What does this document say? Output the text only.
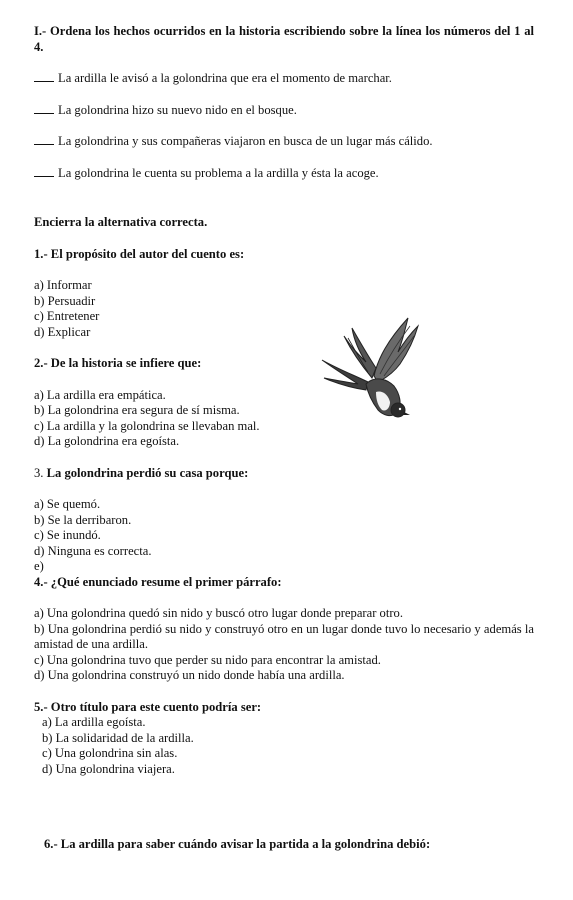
I.- Ordena los hechos ocurridos en la historia escribiendo sobre la línea los números del 1 al 4.

La ardilla le avisó a la golondrina que era el momento de marchar.
La golondrina hizo su nuevo nido en el bosque.
La golondrina y sus compañeras viajaron en busca de un lugar más cálido.
La golondrina le cuenta su problema a la ardilla y ésta la acoge.

Encierra la alternativa correcta.

1.- El propósito del autor del cuento es:

a) Informar

b) Persuadir

c) Entretener

d) Explicar

2.- De la historia se infiere que:

a) La ardilla era empática.

b) La golondrina era segura de sí misma.

c) La ardilla y la golondrina se llevaban mal.

d) La golondrina era egoísta.

3. La golondrina perdió su casa porque:

a) Se quemó.

b) Se la derribaron.

c) Se inundó.

d) Ninguna es correcta.

e)

4.- ¿Qué enunciado resume el primer párrafo:

a) Una golondrina quedó sin nido y buscó otro lugar donde preparar otro.

b) Una golondrina perdió su nido y construyó otro en un lugar donde tuvo lo necesario y además la amistad de una ardilla.

c) Una golondrina tuvo que perder su nido para encontrar la amistad.

d) Una golondrina construyó un nido donde había una ardilla.

5.- Otro título para este cuento podría ser:

a) La ardilla egoísta.

b) La solidaridad de la ardilla.

c) Una golondrina sin alas.

d) Una golondrina viajera.

6.- La ardilla para saber cuándo avisar la partida a la golondrina debió:
